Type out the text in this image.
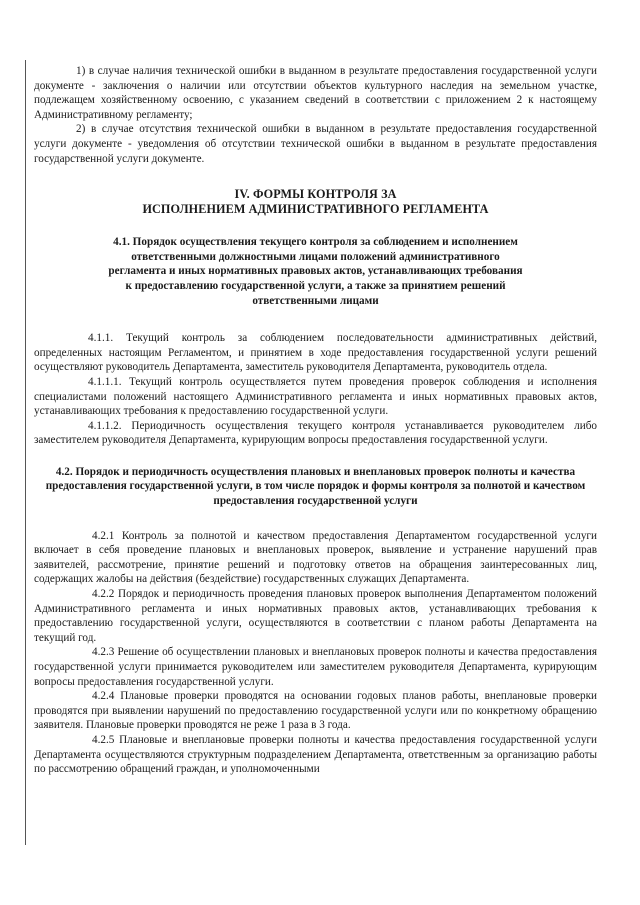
1) в случае наличия технической ошибки в выданном в результате предоставления государственной услуги документе - заключения о наличии или отсутствии объектов культурного наследия на земельном участке, подлежащем хозяйственному освоению, с указанием сведений в соответствии с приложением 2 к настоящему Административному регламенту;

2) в случае отсутствия технической ошибки в выданном в результате предоставления государственной услуги документе - уведомления об отсутствии технической ошибки в выданном в результате предоставления государственной услуги документе.

IV. ФОРМЫ КОНТРОЛЯ ЗА
ИСПОЛНЕНИЕМ АДМИНИСТРАТИВНОГО РЕГЛАМЕНТА
4.1. Порядок осуществления текущего контроля за соблюдением и исполнением ответственными должностными лицами положений административного регламента и иных нормативных правовых актов, устанавливающих требования к предоставлению государственной услуги, а также за принятием решений ответственными лицами

4.1.1. Текущий контроль за соблюдением последовательности административных действий, определенных настоящим Регламентом, и принятием в ходе предоставления государственной услуги решений осуществляют руководитель Департамента, заместитель руководителя Департамента, руководитель отдела.

4.1.1.1. Текущий контроль осуществляется путем проведения проверок соблюдения и исполнения специалистами положений настоящего Административного регламента и иных нормативных правовых актов, устанавливающих требования к предоставлению государственной услуги.

4.1.1.2. Периодичность осуществления текущего контроля устанавливается руководителем либо заместителем руководителя Департамента, курирующим вопросы предоставления государственной услуги.

4.2. Порядок и периодичность осуществления плановых и внеплановых проверок полноты и качества предоставления государственной услуги, в том числе порядок и формы контроля за полнотой и качеством предоставления государственной услуги

4.2.1 Контроль за полнотой и качеством предоставления Департаментом государственной услуги включает в себя проведение плановых и внеплановых проверок, выявление и устранение нарушений прав заявителей, рассмотрение, принятие решений и подготовку ответов на обращения заинтересованных лиц, содержащих жалобы на действия (бездействие) государственных служащих Департамента.

4.2.2 Порядок и периодичность проведения плановых проверок выполнения Департаментом положений Административного регламента и иных нормативных правовых актов, устанавливающих требования к предоставлению государственной услуги, осуществляются в соответствии с планом работы Департамента на текущий год.

4.2.3 Решение об осуществлении плановых и внеплановых проверок полноты и качества предоставления государственной услуги принимается руководителем или заместителем руководителя Департамента, курирующим вопросы предоставления государственной услуги.

4.2.4 Плановые проверки проводятся на основании годовых планов работы, внеплановые проверки проводятся при выявлении нарушений по предоставлению государственной услуги или по конкретному обращению заявителя. Плановые проверки проводятся не реже 1 раза в 3 года.

4.2.5 Плановые и внеплановые проверки полноты и качества предоставления государственной услуги Департамента осуществляются структурным подразделением Департамента, ответственным за организацию работы по рассмотрению обращений граждан, и уполномоченными
